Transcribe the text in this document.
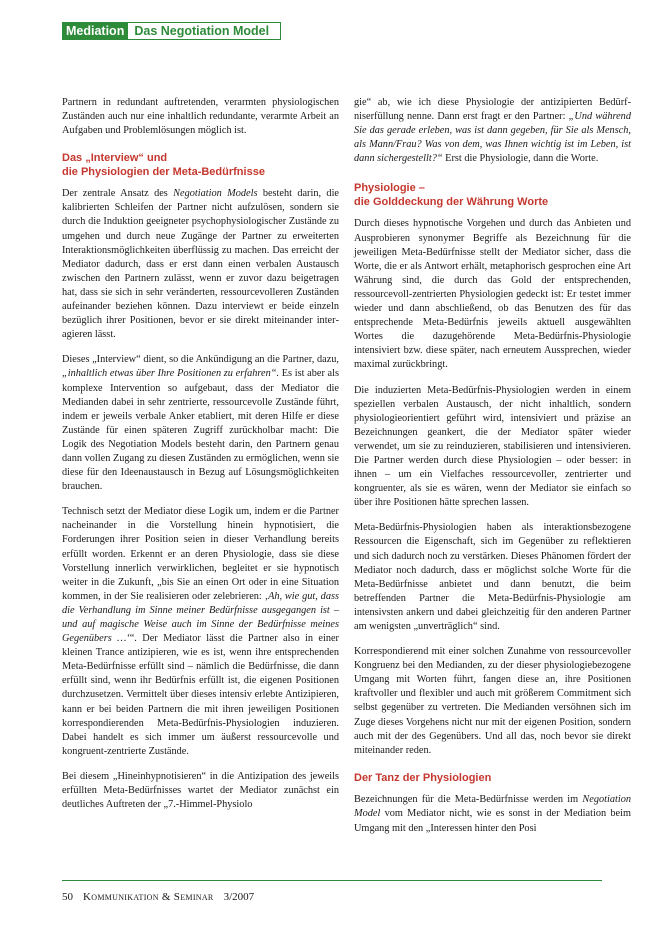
Mediation Das Negotiation Model

Partnern in redundant auftretenden, verarmten physiologischen Zuständen auch nur eine inhaltlich redundante, verarmte Arbeit an Aufgaben und Problemlösungen möglich ist.

Das „Interview“ und
die Physiologien der Meta-Bedürfnisse

Der zentrale Ansatz des Negotiation Models besteht darin, die kalibrierten Schleifen der Partner nicht aufzulösen, sondern sie durch die Induktion geeigneter psychophysiologischer Zustände zu umgehen und durch neue Zugänge der Partner zu erweiterten Interaktionsmöglichkeiten überflüssig zu machen. Das erreicht der Mediator dadurch, dass er erst dann einen verbalen Austausch zwischen den Partnern zulässt, wenn er zuvor dazu beigetragen hat, dass sie sich in sehr veränderten, ressourcevolleren Zuständen aufeinander beziehen können. Dazu interviewt er beide einzeln bezüglich ihrer Positionen, bevor er sie direkt miteinander interagieren lässt.

Dieses „Interview“ dient, so die Ankündigung an die Partner, dazu, „inhaltlich etwas über Ihre Positionen zu erfahren“. Es ist aber als komplexe Intervention so aufgebaut, dass der Mediator die Medianden dabei in sehr zentrierte, ressourcevolle Zustände führt, indem er jeweils verbale Anker etabliert, mit deren Hilfe er diese Zustände für einen späteren Zugriff zurückholbar macht: Die Logik des Negotiation Models besteht darin, den Partnern genau dann vollen Zugang zu diesen Zuständen zu ermöglichen, wenn sie diese für den Ideenaustausch in Bezug auf Lösungsmöglichkeiten brauchen.

Technisch setzt der Mediator diese Logik um, indem er die Partner nacheinander in die Vorstellung hinein hypnotisiert, die Forderungen ihrer Position seien in dieser Verhandlung bereits erfüllt worden. Erkennt er an deren Physiologie, dass sie diese Vorstellung innerlich verwirklichen, begleitet er sie hypnotisch weiter in die Zukunft, „bis Sie an einen Ort oder in eine Situation kommen, in der Sie realisieren oder zelebrieren: ‚Ah, wie gut, dass die Verhandlung im Sinne meiner Bedürfnisse ausgegangen ist – und auf magische Weise auch im Sinne der Bedürfnisse meines Gegenübers …‘“. Der Mediator lässt die Partner also in einer kleinen Trance antizipieren, wie es ist, wenn ihre entsprechenden Meta-Bedürfnisse erfüllt sind – nämlich die Bedürfnisse, die dann erfüllt sind, wenn ihr Bedürfnis erfüllt ist, die eigenen Positionen durchzusetzen. Vermittelt über dieses intensiv erlebte Antizipieren, kann er bei beiden Partnern die mit ihren jeweiligen Positionen korrespondierenden Meta-Bedürfnis-Physiologien induzieren. Dabei handelt es sich immer um äußerst ressourcevolle und kongruent-zentrierte Zustände.

Bei diesem „Hineinhypnotisieren“ in die Antizipation des jeweils erfüllten Meta-Bedürfnisses wartet der Mediator zunächst ein deutliches Auftreten der „7.-Himmel-Physiolo

gie“ ab, wie ich diese Physiologie der antizipierten Bedürfniserfüllung nenne. Dann erst fragt er den Partner: „Und während Sie das gerade erleben, was ist dann gegeben, für Sie als Mensch, als Mann/Frau? Was von dem, was Ihnen wichtig ist im Leben, ist dann sichergestellt?“ Erst die Physiologie, dann die Worte.

Physiologie –
die Golddeckung der Währung Worte

Durch dieses hypnotische Vorgehen und durch das Anbieten und Ausprobieren synonymer Begriffe als Bezeichnung für die jeweiligen Meta-Bedürfnisse stellt der Mediator sicher, dass die Worte, die er als Antwort erhält, metaphorisch gesprochen eine Art Währung sind, die durch das Gold der entsprechenden, ressourcevoll-zentrierten Physiologien gedeckt ist: Er testet immer wieder und dann abschließend, ob das Benutzen des für das entsprechende Meta-Bedürfnis jeweils aktuell ausgewählten Wortes die dazugehörende Meta-Bedürfnis-Physiologie intensiviert bzw. diese später, nach erneutem Aussprechen, wieder maximal zurückbringt.

Die induzierten Meta-Bedürfnis-Physiologien werden in einem speziellen verbalen Austausch, der nicht inhaltlich, sondern physiologieorientiert geführt wird, intensiviert und präzise an Bezeichnungen geankert, die der Mediator später wieder verwendet, um sie zu reinduzieren, stabilisieren und intensivieren. Die Partner werden durch diese Physiologien – oder besser: in ihnen – um ein Vielfaches ressourcevoller, zentrierter und kongruenter, als sie es wären, wenn der Mediator sie einfach so über ihre Positionen hätte sprechen lassen.

Meta-Bedürfnis-Physiologien haben als interaktionsbezogene Ressourcen die Eigenschaft, sich im Gegenüber zu reflektieren und sich dadurch noch zu verstärken. Dieses Phänomen fördert der Mediator noch dadurch, dass er möglichst solche Worte für die Meta-Bedürfnisse anbietet und dann benutzt, die beim betreffenden Partner die Meta-Bedürfnis-Physiologie am intensivsten ankern und dabei gleichzeitig für den anderen Partner am wenigsten „unverträglich“ sind.

Korrespondierend mit einer solchen Zunahme von ressourcevoller Kongruenz bei den Medianden, zu der dieser physiologiebezogene Umgang mit Worten führt, fangen diese an, ihre Positionen kraftvoller und flexibler und auch mit größerem Commitment sich selbst gegenüber zu vertreten. Die Medianden versöhnen sich im Zuge dieses Vorgehens nicht nur mit der eigenen Position, sondern auch mit der des Gegenübers. Und all das, noch bevor sie direkt miteinander reden.

Der Tanz der Physiologien

Bezeichnungen für die Meta-Bedürfnisse werden im Negotiation Model vom Mediator nicht, wie es sonst in der Mediation beim Umgang mit den „Interessen hinter den Posi

50 Kommunikation & Seminar 3/2007
